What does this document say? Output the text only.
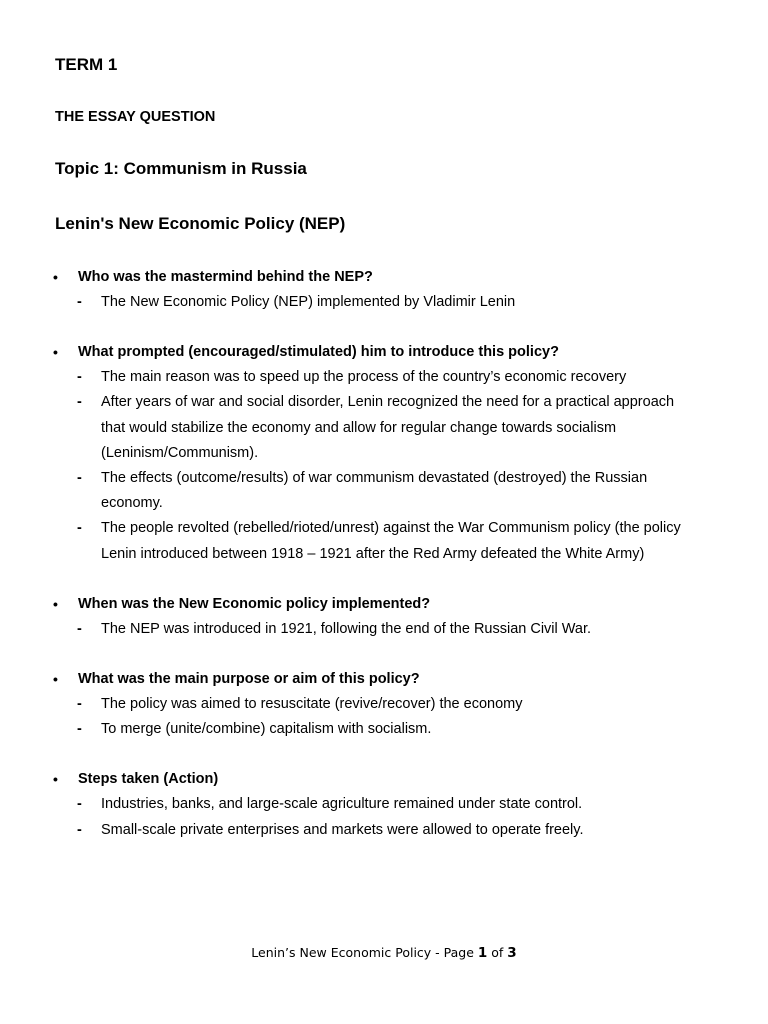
TERM 1
THE ESSAY QUESTION
Topic 1: Communism in Russia
Lenin's New Economic Policy (NEP)
• Who was the mastermind behind the NEP?
- The New Economic Policy (NEP) implemented by Vladimir Lenin
• What prompted (encouraged/stimulated) him to introduce this policy?
- The main reason was to speed up the process of the country’s economic recovery
- After years of war and social disorder, Lenin recognized the need for a practical approach that would stabilize the economy and allow for regular change towards socialism (Leninism/Communism).
- The effects (outcome/results) of war communism devastated (destroyed) the Russian economy.
- The people revolted (rebelled/rioted/unrest) against the War Communism policy (the policy Lenin introduced between 1918 – 1921 after the Red Army defeated the White Army)
• When was the New Economic policy implemented?
- The NEP was introduced in 1921, following the end of the Russian Civil War.
• What was the main purpose or aim of this policy?
- The policy was aimed to resuscitate (revive/recover) the economy
- To merge (unite/combine) capitalism with socialism.
• Steps taken (Action)
- Industries, banks, and large-scale agriculture remained under state control.
- Small-scale private enterprises and markets were allowed to operate freely.
Lenin’s New Economic Policy - Page 1 of 3
